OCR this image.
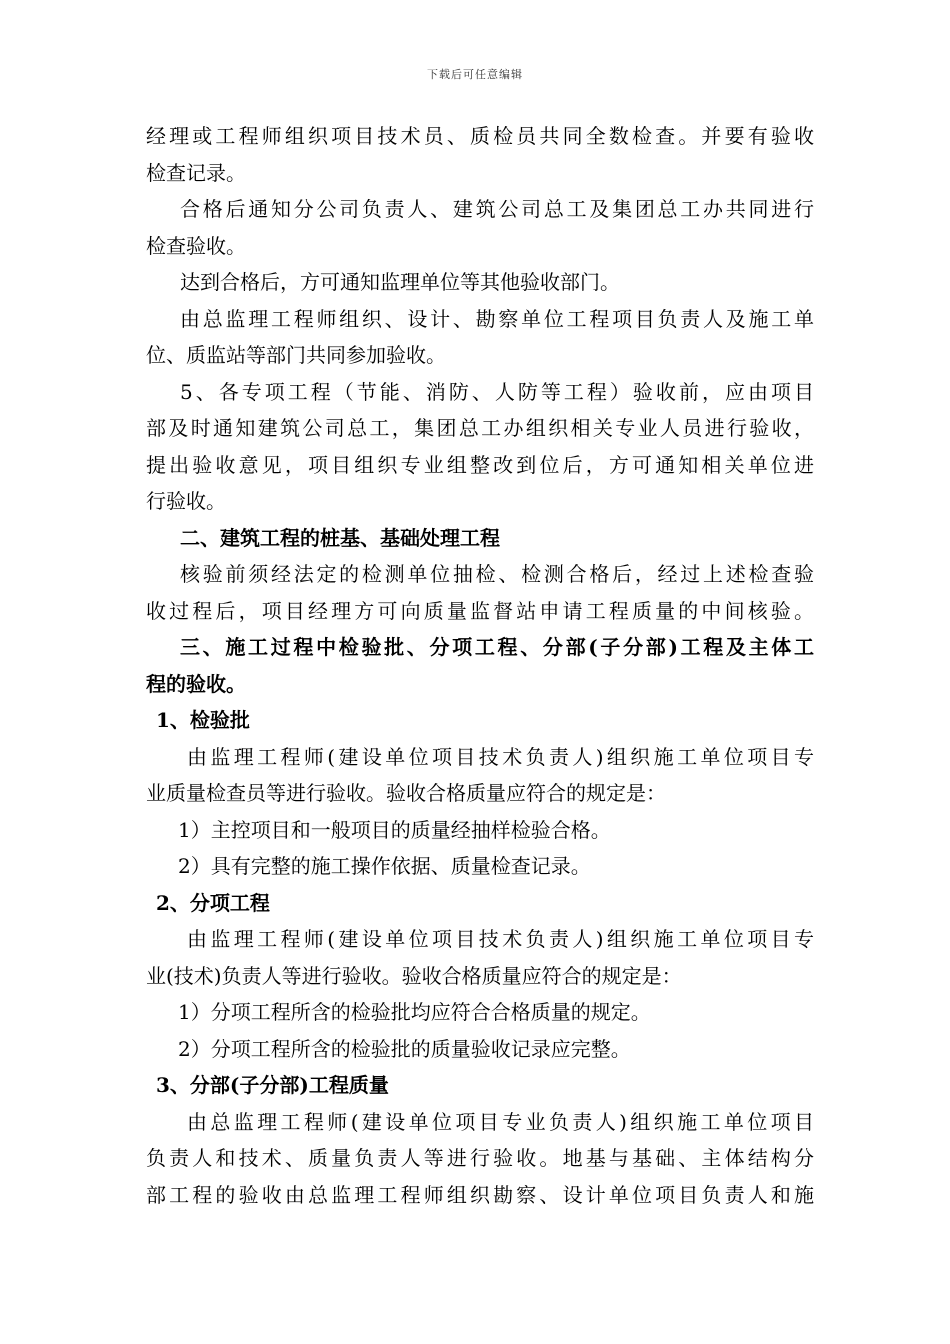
下载后可任意编辑
经理或工程师组织项目技术员、质检员共同全数检查。并要有验收
检查记录。
合格后通知分公司负责人、建筑公司总工及集团总工办共同进行
检查验收。
达到合格后，方可通知监理单位等其他验收部门。
由总监理工程师组织、设计、勘察单位工程项目负责人及施工单
位、质监站等部门共同参加验收。
5、各专项工程（节能、消防、人防等工程）验收前，应由项目
部及时通知建筑公司总工，集团总工办组织相关专业人员进行验收，
提出验收意见，项目组织专业组整改到位后，方可通知相关单位进
行验收。
二、建筑工程的桩基、基础处理工程
核验前须经法定的检测单位抽检、检测合格后，经过上述检查验
收过程后，项目经理方可向质量监督站申请工程质量的中间核验。
三、施工过程中检验批、分项工程、分部(子分部)工程及主体工
程的验收。
1、检验批
由监理工程师(建设单位项目技术负责人)组织施工单位项目专
业质量检查员等进行验收。验收合格质量应符合的规定是：
1）主控项目和一般项目的质量经抽样检验合格。
2）具有完整的施工操作依据、质量检查记录。
2、分项工程
由监理工程师(建设单位项目技术负责人)组织施工单位项目专
业(技术)负责人等进行验收。验收合格质量应符合的规定是：
1）分项工程所含的检验批均应符合合格质量的规定。
2）分项工程所含的检验批的质量验收记录应完整。
3、分部(子分部)工程质量
由总监理工程师(建设单位项目专业负责人)组织施工单位项目
负责人和技术、质量负责人等进行验收。地基与基础、主体结构分
部工程的验收由总监理工程师组织勘察、设计单位项目负责人和施
